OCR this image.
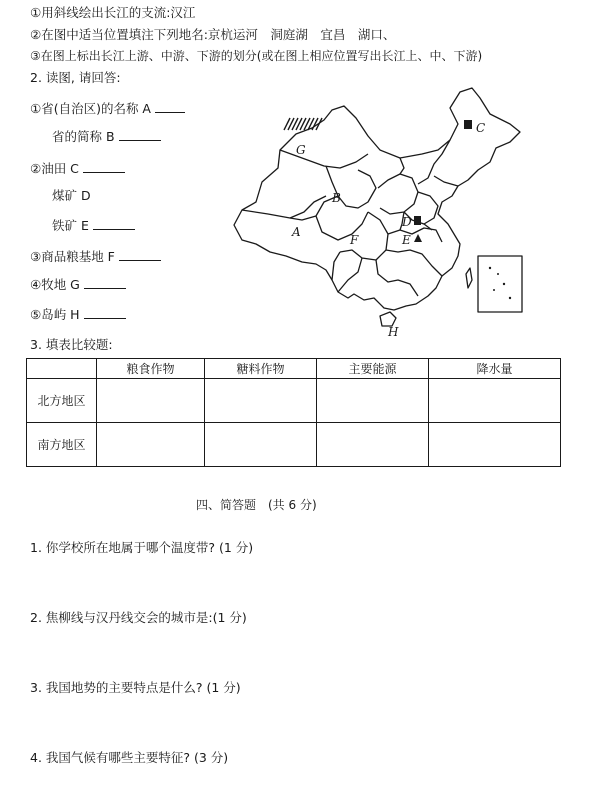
①用斜线绘出长江的支流:汉江
②在图中适当位置填注下列地名:京杭运河　洞庭湖　宜昌　湖口、
③在图上标出长江上游、中游、下游的划分(或在图上相应位置写出长江上、中、下游)
2. 读图, 请回答:
①省(自治区)的名称 A
省的简称 B
②油田 C
煤矿 D
铁矿 E
③商品粮基地 F
④牧地 G
⑤岛屿 H
A
B
C
D
E
F
G
H
3. 填表比较题:
	粮食作物	糖料作物	主要能源	降水量
北方地区				
南方地区				
四、简答题　(共 6 分)
1. 你学校所在地属于哪个温度带? (1 分)
2. 焦柳线与汉丹线交会的城市是:(1 分)
3. 我国地势的主要特点是什么? (1 分)
4. 我国气候有哪些主要特征? (3 分)
